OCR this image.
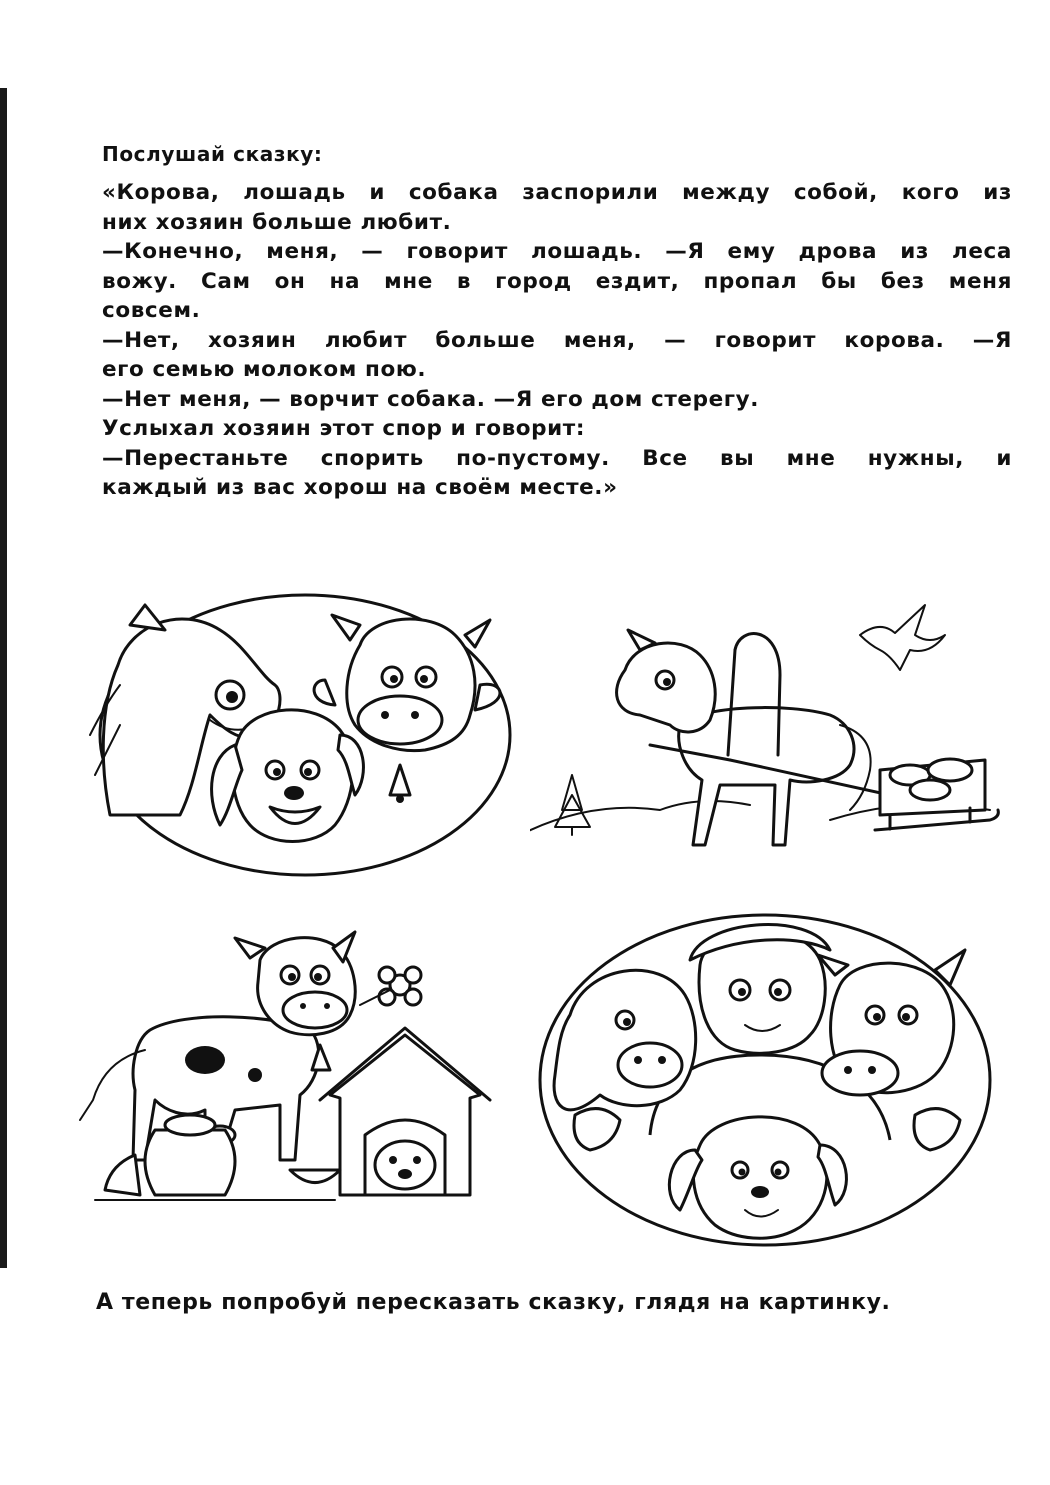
Послушай сказку:

«Корова, лошадь и собака заспорили между собой, кого из

них хозяин больше любит.

—Конечно, меня, — говорит лошадь. —Я ему дрова из леса

вожу. Сам он на мне в город ездит, пропал бы без меня

совсем.

—Нет, хозяин любит больше меня, — говорит корова. —Я

его семью молоком пою.

—Нет меня, — ворчит собака. —Я его дом стерегу.

Услыхал хозяин этот спор и говорит:

—Перестаньте спорить по-пустому. Все вы мне нужны, и

каждый из вас хорош на своём месте.»

А теперь попробуй пересказать сказку, глядя на картинку.
